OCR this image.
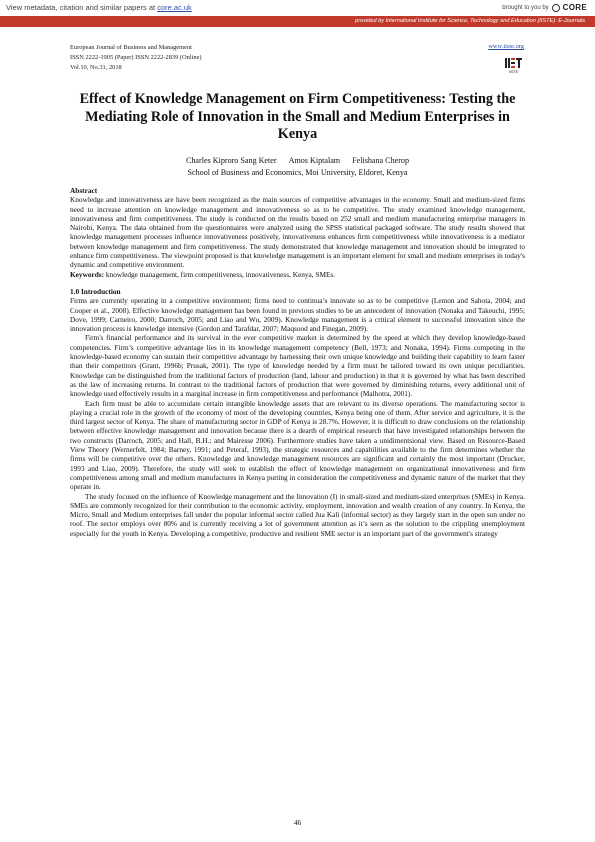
View metadata, citation and similar papers at core.ac.uk	brought to you by CORE
provided by International Institute for Science, Technology and Education (IISTE): E-Journals
European Journal of Business and Management
ISSN 2222-1905 (Paper) ISSN 2222-2839 (Online)
Vol.10, No.31, 2018
www.iiste.org
IISTE
Effect of Knowledge Management on Firm Competitiveness: Testing the Mediating Role of Innovation in the Small and Medium Enterprises in Kenya
Charles Kiproro Sang Keter Amos Kiptalam Felishana Cherop
School of Business and Economics, Moi University, Eldoret, Kenya

Abstract

Knowledge and innovativeness are have been recognized as the main sources of competitive advantages in the economy. Small and medium-sized firms need to increase attention on knowledge management and innovativeness so as to be competitive. The study examined knowledge management, innovativeness and firm competitiveness. The study is conducted on the results based on 252 small and medium manufacturing enterprise managers in Nairobi, Kenya. The data obtained from the questionnaires were analyzed using the SPSS statistical packaged software. The study results showed that knowledge management processes influence innovativeness positively, innovativeness enhances firm competitiveness while innovativeness is a mediator between knowledge management and firm competitiveness. The study demonstrated that knowledge management and innovation should be integrated to enhance firm competitiveness. The viewpoint proposed is that knowledge management is an important element for small and medium enterprises in today's dynamic and competitive environment.

Keywords: knowledge management, firm competitiveness, innovativeness, Kenya, SMEs.

1.0 Introduction

Firms are currently operating in a competitive environment; firms need to continua’s innovate so as to be competitive (Lemon and Sahota, 2004; and Cooper et al., 2008). Effective knowledge management has been found in previous studies to be an antecedent of innovation (Nonaka and Takeuchi, 1995; Dove, 1999; Carneiro, 2000; Darroch, 2005; and Liao and Wu, 2009). Knowledge management is a critical element to successful innovation since the innovation process is knowledge intensive (Gordon and Tarafdar, 2007; Maqsood and Finegan, 2009).

Firm's financial performance and its survival in the ever competitive market is determined by the speed at which they develop knowledge-based competencies. Firm’s competitive advantage lies in its knowledge management competency (Bell, 1973; and Nonaka, 1994). Firms competing in the knowledge-based economy can sustain their competitive advantage by harnessing their own unique knowledge and building their capability to learn faster than their competitors (Grant, 1996b; Prusak, 2001). The type of knowledge needed by a firm must be tailored toward its own unique peculiarities. Knowledge can be distinguished from the traditional factors of production (land, labour and production) in that it is governed by what has been described as the law of increasing returns. In contrast to the traditional factors of production that were governed by diminishing returns, every additional unit of knowledge used effectively results in a marginal increase in firm competitiveness and performance (Malhotra, 2001).

Each firm must be able to accumulate certain intangible knowledge assets that are relevant to its diverse operations. The manufacturing sector is playing a crucial role in the growth of the economy of most of the developing countries, Kenya being one of them. After service and agriculture, it is the third largest sector of Kenya. The share of manufacturing sector in GDP of Kenya is 28.7%. However, it is difficult to draw conclusions on the relationship between effective knowledge management and innovation because there is a dearth of empirical research that have investigated relationships between the two constructs (Darroch, 2005; and Hall, B.H.; and Mairesse 2006). Furthermore studies have taken a unidimentsional view. Based on Resource-Based View Theory (Wernerfelt, 1984; Barney, 1991; and Peteraf, 1993), the strategic resources and capabilities available to the firm determines whether the firms will be competitive over the others. Knowledge and knowledge management resources are significant and certainly the most important (Drucker, 1993 and Liao, 2009). Therefore, the study will seek to establish the effect of knowledge management on organizational innovativeness and firm competitiveness among small and medium manufactures in Kenya putting in consideration the competitiveness and dynamic nature of the market that they operate in.

The study focused on the influence of Knowledge management and the Innovation (I) in small-sized and medium-sized enterprises (SMEs) in Kenya. SMEs are commonly recognized for their contribution to the economic activity, employment, innovation and wealth creation of any country. In Kenya, the Micro, Small and Medium enterprises fall under the popular informal sector called Jua Kali (informal sector) as they largely start in the open sun under no roof. The sector employs over 80% and is currently receiving a lot of government attention as it’s seen as the solution to the crippling unemployment especially for the youth in Kenya. Developing a competitive, productive and resilient SME sector is an important part of the government's strategy

46
